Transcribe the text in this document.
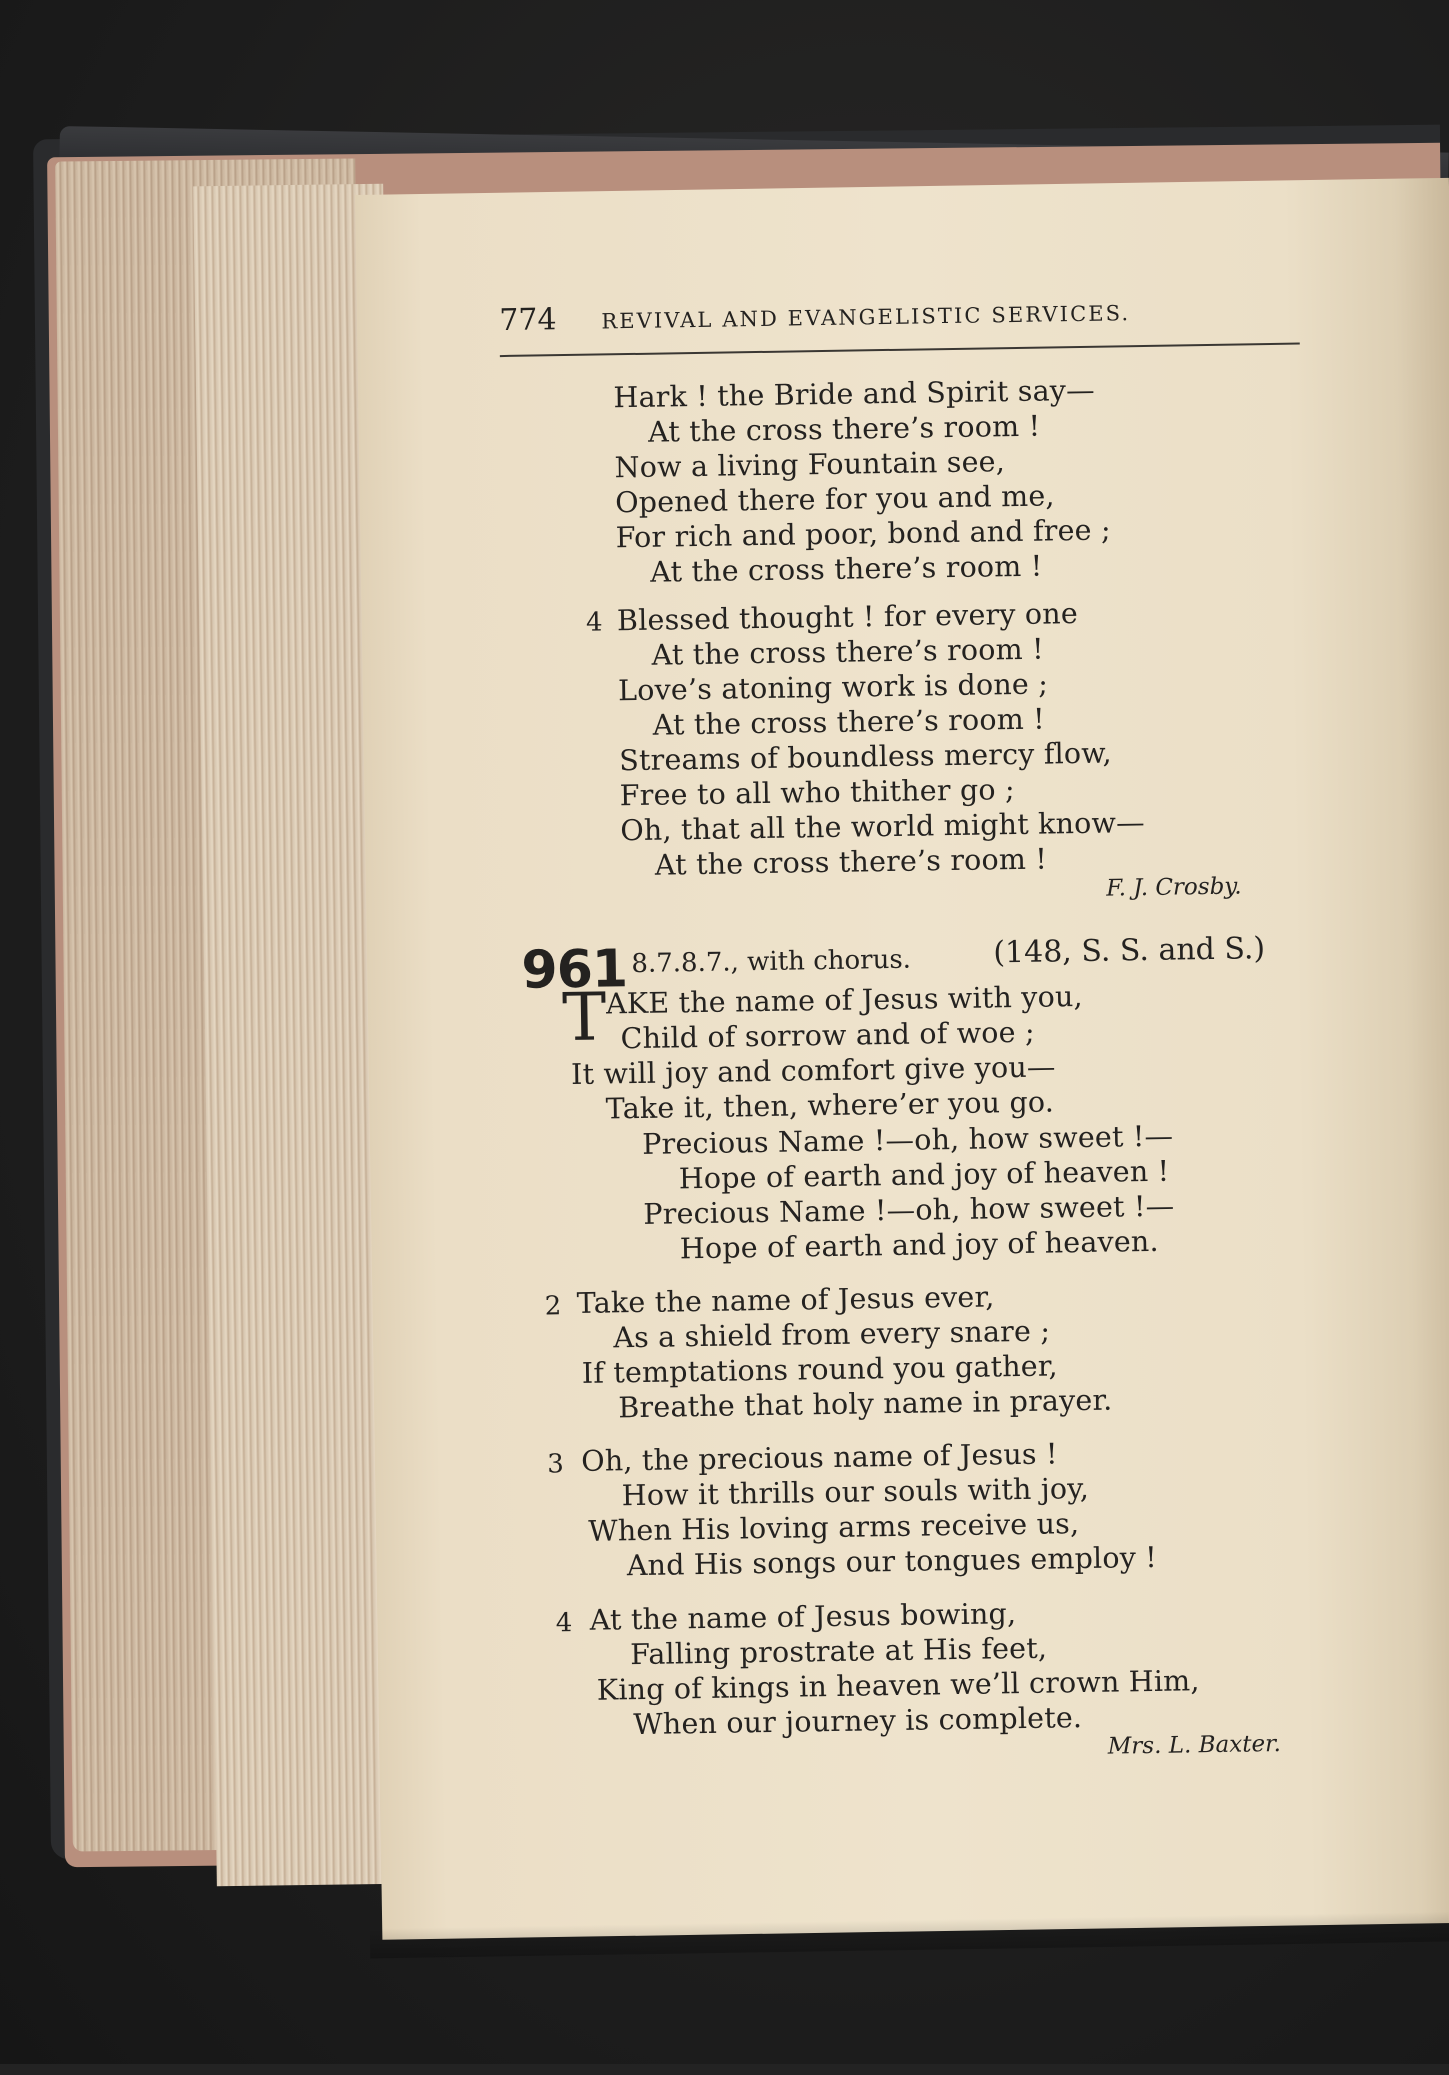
774 REVIVAL AND EVANGELISTIC SERVICES.
Hark ! the Bride and Spirit say—
At the cross there’s room !
Now a living Fountain see,
Opened there for you and me,
For rich and poor, bond and free ;
At the cross there’s room !
4 Blessed thought ! for every one
At the cross there’s room !
Love’s atoning work is done ;
At the cross there’s room !
Streams of boundless mercy flow,
Free to all who thither go ;
Oh, that all the world might know—
At the cross there’s room !
F. J. Crosby.
961 8.7.8.7., with chorus.	(148, S. S. and S.)
T
AKE the name of Jesus with you,
Child of sorrow and of woe ;
It will joy and comfort give you—
Take it, then, where’er you go.
Precious Name !—oh, how sweet !—
Hope of earth and joy of heaven !
Precious Name !—oh, how sweet !—
Hope of earth and joy of heaven.
2 Take the name of Jesus ever,
As a shield from every snare ;
If temptations round you gather,
Breathe that holy name in prayer.
3 Oh, the precious name of Jesus !
How it thrills our souls with joy,
When His loving arms receive us,
And His songs our tongues employ !
4 At the name of Jesus bowing,
Falling prostrate at His feet,
King of kings in heaven we’ll crown Him,
When our journey is complete.
Mrs. L. Baxter.
